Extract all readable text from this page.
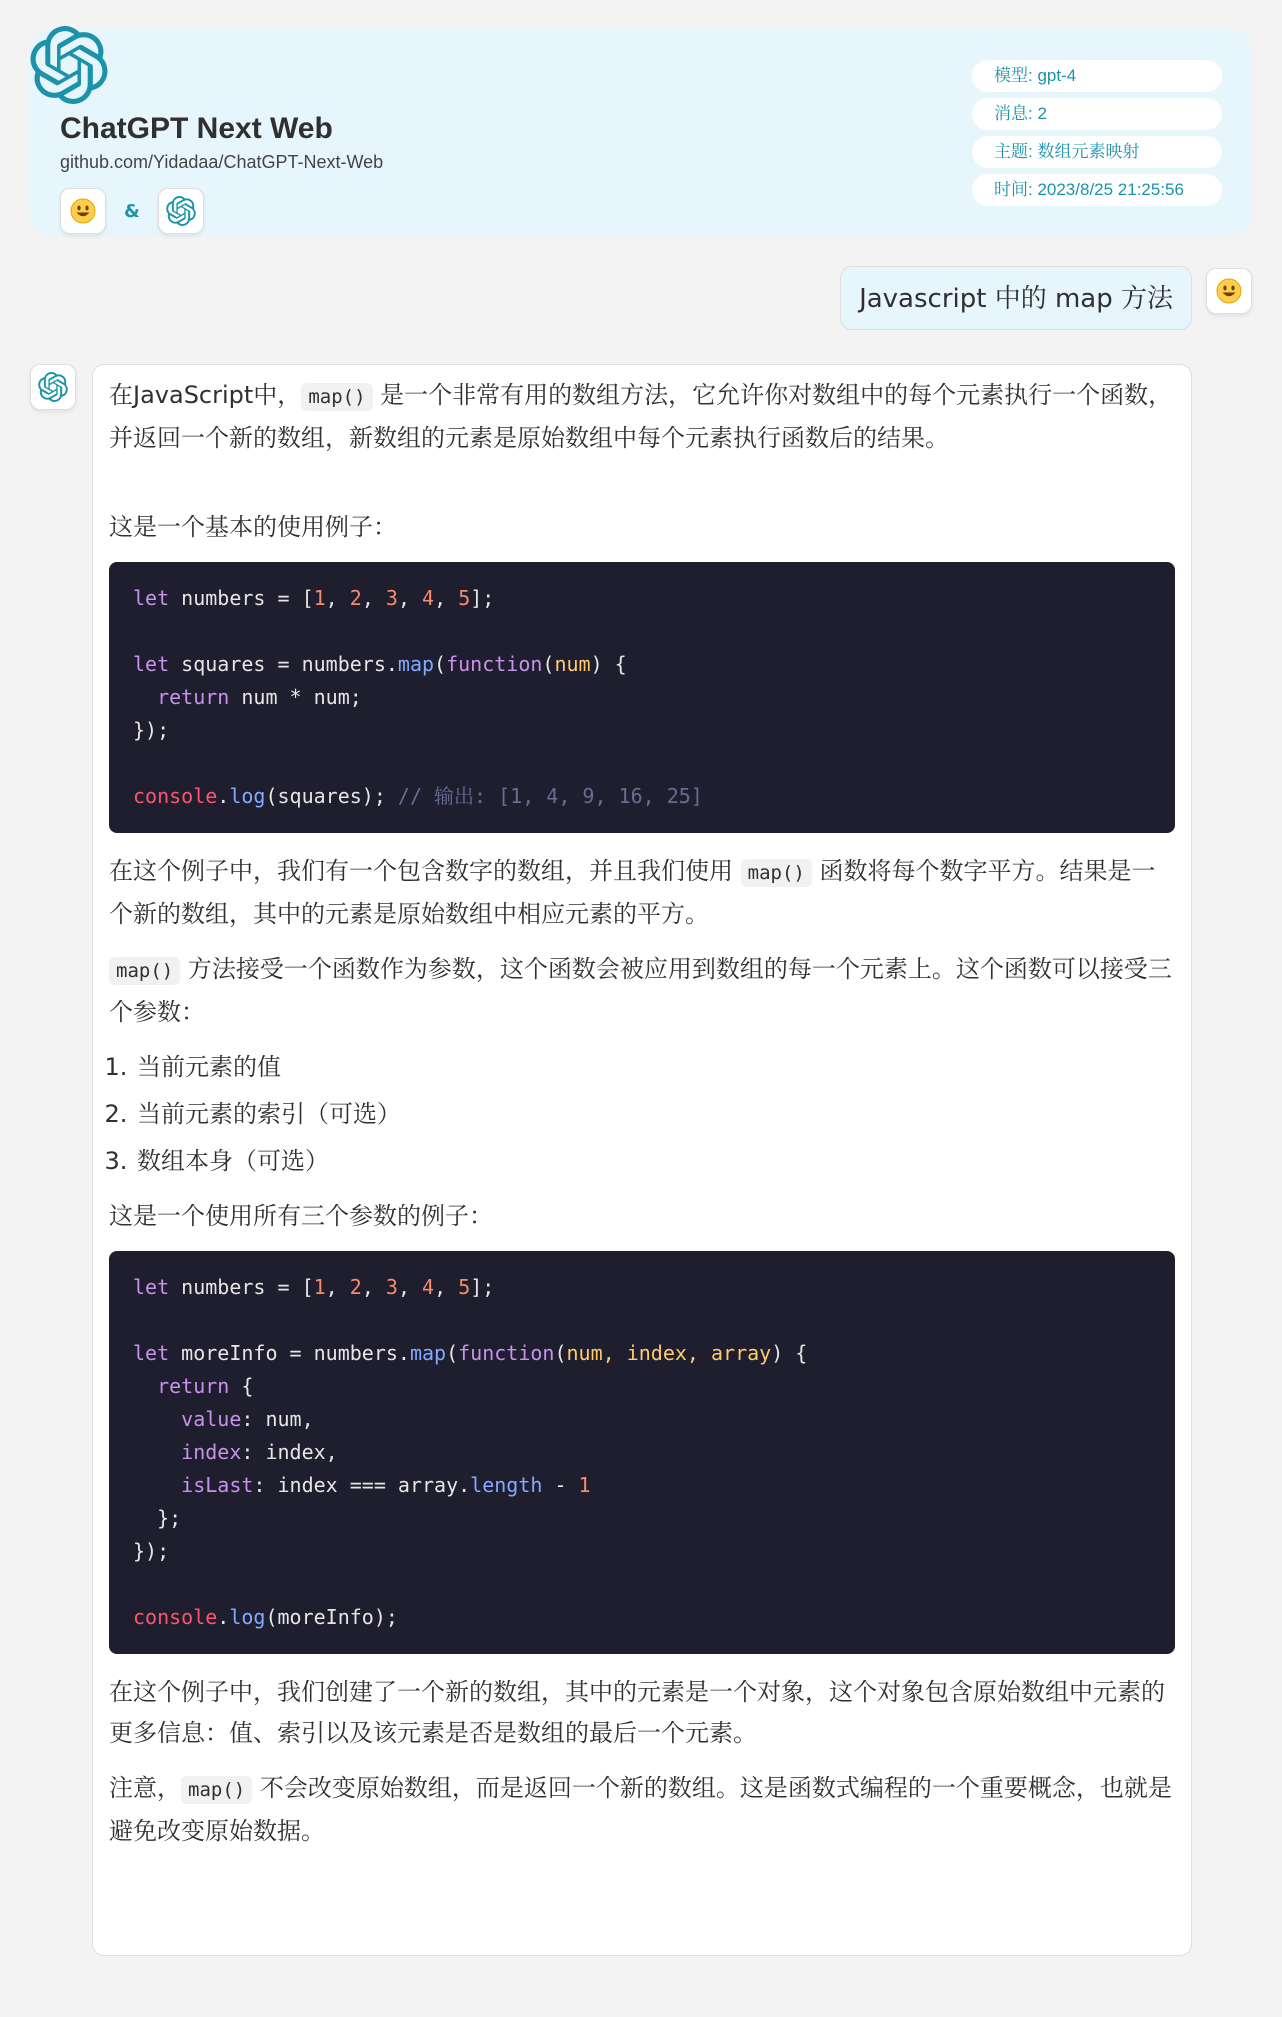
ChatGPT Next Web
github.com/Yidadaa/ChatGPT-Next-Web
&
模型: gpt-4
消息: 2
主题: 数组元素映射
时间: 2023/8/25 21:25:56
Javascript 中的 map 方法

在JavaScript中， map() 是一个非常有用的数组方法，它允许你对数组中的每个元素执行一个函数，并返回一个新的数组，新数组的元素是原始数组中每个元素执行函数后的结果。

这是一个基本的使用例子：

let numbers = [1, 2, 3, 4, 5];

let squares = numbers.map(function(num) {
return num * num;
});

console.log(squares); // 输出: [1, 4, 9, 16, 25]

在这个例子中，我们有一个包含数字的数组，并且我们使用 map() 函数将每个数字平方。结果是一个新的数组，其中的元素是原始数组中相应元素的平方。

map() 方法接受一个函数作为参数，这个函数会被应用到数组的每一个元素上。这个函数可以接受三个参数：

1. 当前元素的值
2. 当前元素的索引（可选）
3. 数组本身（可选）

这是一个使用所有三个参数的例子：

let numbers = [1, 2, 3, 4, 5];

let moreInfo = numbers.map(function(num, index, array) {
return {
value: num,
index: index,
isLast: index === array.length - 1
};
});

console.log(moreInfo);

在这个例子中，我们创建了一个新的数组，其中的元素是一个对象，这个对象包含原始数组中元素的更多信息：值、索引以及该元素是否是数组的最后一个元素。

注意， map() 不会改变原始数组，而是返回一个新的数组。这是函数式编程的一个重要概念，也就是避免改变原始数据。
